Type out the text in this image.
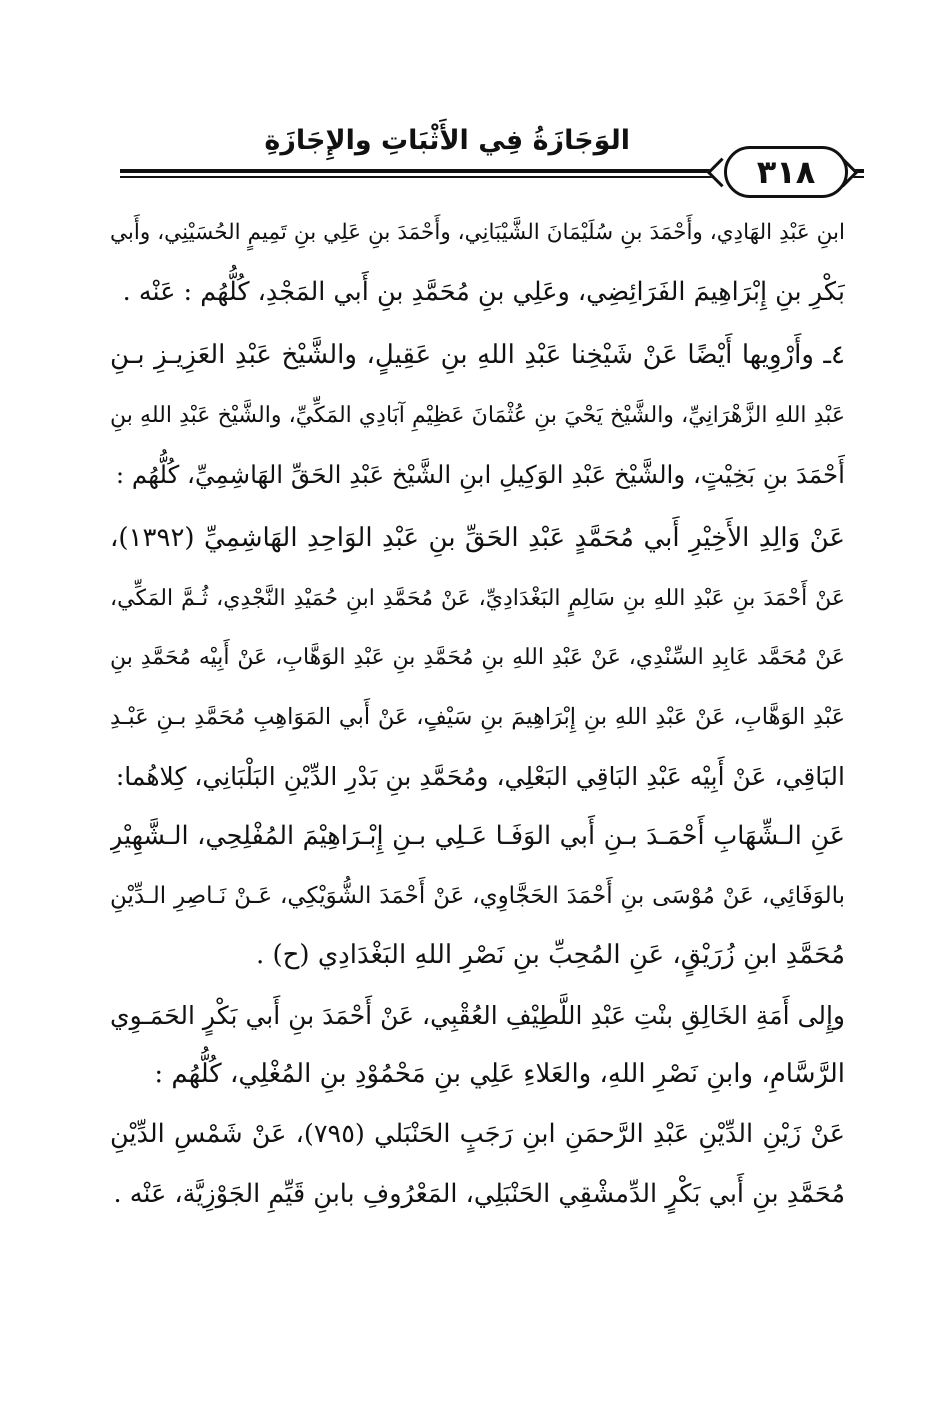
الوَجَازَةُ فِي الأَثْبَاتِ والإِجَازَةِ
٣١٨
ابنِ عَبْدِ الهَادِي، وأَحْمَدَ بنِ سُلَيْمَانَ الشَّيْبَانِي، وأَحْمَدَ بنِ عَلِي بنِ تَمِيمٍ الحُسَيْنِي، وأَبي
بَكْرِ بنِ إِبْرَاهِيمَ الفَرَائِضِي، وعَلِي بنِ مُحَمَّدِ بنِ أَبي المَجْدِ، كُلُّهُم : عَنْه .
٤ـ وأَرْوِيها أَيْضًا عَنْ شَيْخِنا عَبْدِ اللهِ بنِ عَقِيلٍ، والشَّيْخ عَبْدِ العَزِيـزِ بـنِ
عَبْدِ اللهِ الزَّهْرَانِيِّ، والشَّيْخ يَحْيَ بنِ عُثْمَانَ عَظِيْمِ آبَادِي المَكِّيِّ، والشَّيْخ عَبْدِ اللهِ بنِ
أَحْمَدَ بنِ بَخِيْتٍ، والشَّيْخ عَبْدِ الوَكِيلِ ابنِ الشَّيْخ عَبْدِ الحَقِّ الهَاشِمِيِّ، كُلُّهُم :
عَنْ وَالِدِ الأَخِيْرِ أَبي مُحَمَّدٍ عَبْدِ الحَقِّ بنِ عَبْدِ الوَاحِدِ الهَاشِمِيِّ (١٣٩٢)،
عَنْ أَحْمَدَ بنِ عَبْدِ اللهِ بنِ سَالِمٍ البَغْدَادِيِّ، عَنْ مُحَمَّدِ ابنِ حُمَيْدِ النَّجْدِي، ثُـمَّ المَكِّي،
عَنْ مُحَمَّد عَابِدِ السِّنْدِي، عَنْ عَبْدِ اللهِ بنِ مُحَمَّدِ بنِ عَبْدِ الوَهَّابِ، عَنْ أَبِيْه مُحَمَّدِ بنِ
عَبْدِ الوَهَّابِ، عَنْ عَبْدِ اللهِ بنِ إِبْرَاهِيمَ بنِ سَيْفٍ، عَنْ أَبي المَوَاهِبِ مُحَمَّدِ بـنِ عَبْـدِ
البَاقِي، عَنْ أَبِيْه عَبْدِ البَاقِي البَعْلِي، ومُحَمَّدِ بنِ بَدْرِ الدِّيْنِ البَلْبَانِي، كِلاهُما:
عَنِ الـشِّهَابِ أَحْمَـدَ بـنِ أَبي الوَفَـا عَـلِي بـنِ إِبْـرَاهِيْمَ المُفْلِحِي، الـشَّهِيْرِ
بالوَفَائِي، عَنْ مُوْسَى بنِ أَحْمَدَ الحَجَّاوِي، عَنْ أَحْمَدَ الشُّوَيْكِي، عَـنْ نَـاصِرِ الـدِّيْنِ
مُحَمَّدِ ابنِ زُرَيْقٍ، عَنِ المُحِبِّ بنِ نَصْرِ اللهِ البَغْدَادِي (ح) .
وإِلى أَمَةِ الخَالِقِ بنْتِ عَبْدِ اللَّطِيْفِ العُقْبِي، عَنْ أَحْمَدَ بنِ أَبي بَكْرٍ الحَمَـوِي
الرَّسَّامِ، وابنِ نَصْرِ اللهِ، والعَلاءِ عَلِي بنِ مَحْمُوْدِ بنِ المُغْلِي، كُلُّهُم :
عَنْ زَيْنِ الدِّيْنِ عَبْدِ الرَّحمَنِ ابنِ رَجَبٍ الحَنْبَلي (٧٩٥)، عَنْ شَمْسِ الدِّيْنِ
مُحَمَّدِ بنِ أَبي بَكْرٍ الدِّمشْقِي الحَنْبَلِي، المَعْرُوفِ بابنِ قَيِّمِ الجَوْزِيَّة، عَنْه .
